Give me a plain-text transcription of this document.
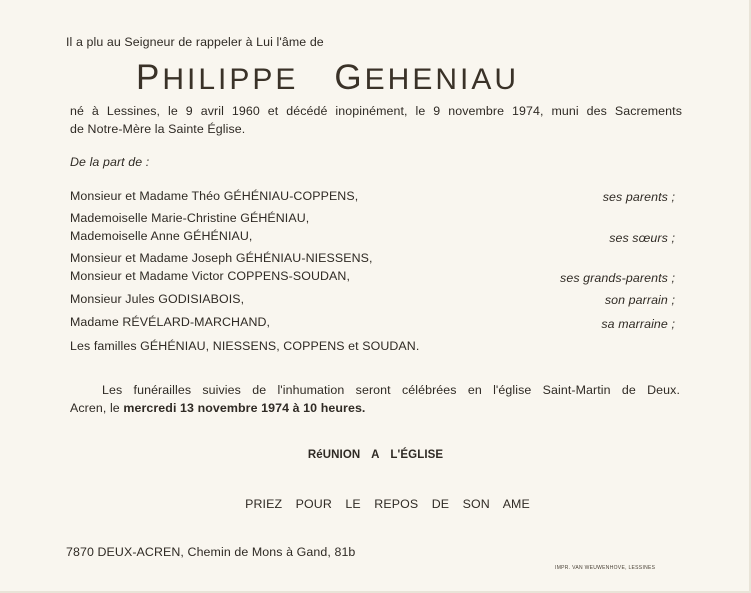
Il a plu au Seigneur de rappeler à Lui l'âme de
PHILIPPE GEHENIAU
né à Lessines, le 9 avril 1960 et décédé inopinément, le 9 novembre 1974, muni des Sacrements
de Notre-Mère la Sainte Église.
De la part de :
Monsieur et Madame Théo GÉHÉNIAU-COPPENS,	ses parents ;
Mademoiselle Marie-Christine GÉHÉNIAU,
Mademoiselle Anne GÉHÉNIAU,	ses sœurs ;
Monsieur et Madame Joseph GÉHÉNIAU-NIESSENS,
Monsieur et Madame Victor COPPENS-SOUDAN,	ses grands-parents ;
Monsieur Jules GODISIABOIS,	son parrain ;
Madame RÉVÉLARD-MARCHAND,	sa marraine ;
Les familles GÉHÉNIAU, NIESSENS, COPPENS et SOUDAN.
Les funérailles suivies de l'inhumation seront célébrées en l'église Saint-Martin de Deux.
Acren, le mercredi 13 novembre 1974 à 10 heures.
RéUNION A L'ÉGLISE
PRIEZ POUR LE REPOS DE SON AME
7870 DEUX-ACREN, Chemin de Mons à Gand, 81b
IMPR. VAN WEUWENHOVE, LESSINES
